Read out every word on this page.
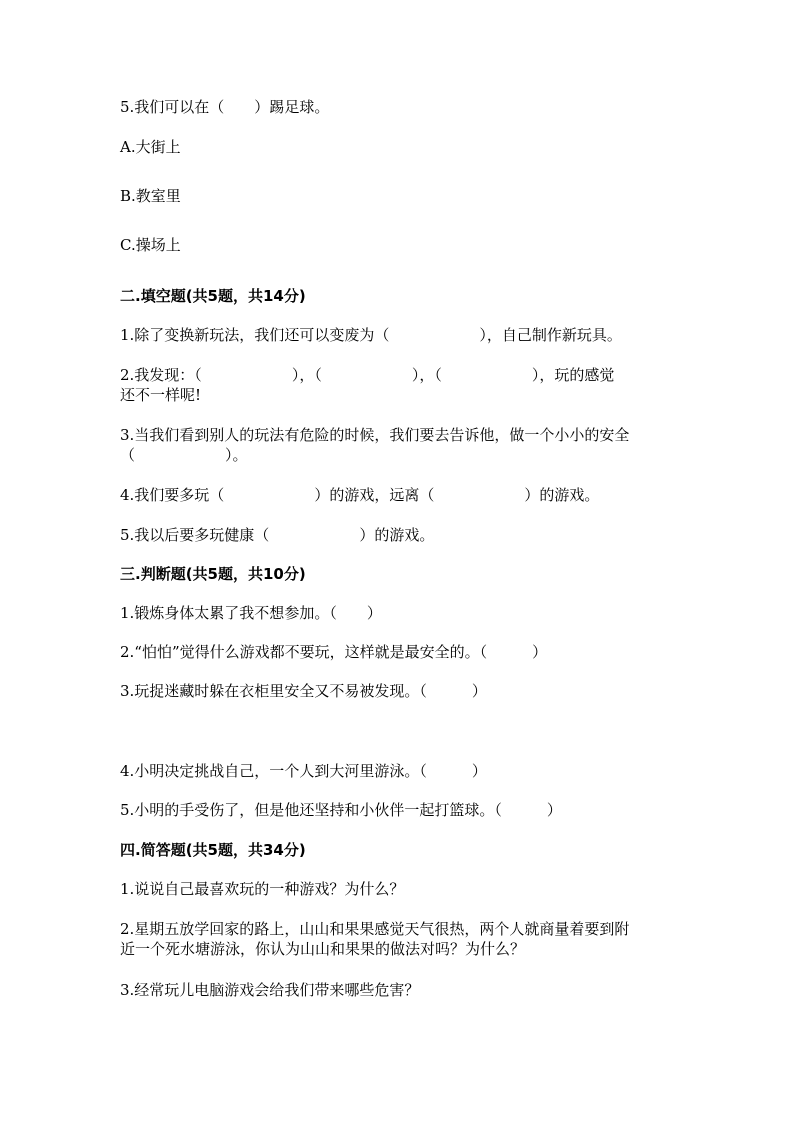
5.我们可以在（　　）踢足球。

A.大街上

B.教室里

C.操场上

二.填空题(共5题，共14分)

1.除了变换新玩法，我们还可以变废为（　　　　　　），自己制作新玩具。

2.我发现：（　　　　　　），（　　　　　　），（　　　　　　），玩的感觉

还不一样呢!

3.当我们看到别人的玩法有危险的时候，我们要去告诉他，做一个小小的安全

（　　　　　　）。

4.我们要多玩（　　　　　　）的游戏，远离（　　　　　　）的游戏。

5.我以后要多玩健康（　　　　　　）的游戏。

三.判断题(共5题，共10分)

1.锻炼身体太累了我不想参加。（　　）

2.“怕怕”觉得什么游戏都不要玩，这样就是最安全的。（　　　）

3.玩捉迷藏时躲在衣柜里安全又不易被发现。（　　　）

4.小明决定挑战自己，一个人到大河里游泳。（　　　）

5.小明的手受伤了，但是他还坚持和小伙伴一起打篮球。（　　　）

四.简答题(共5题，共34分)

1.说说自己最喜欢玩的一种游戏？为什么？

2.星期五放学回家的路上，山山和果果感觉天气很热，两个人就商量着要到附

近一个死水塘游泳，你认为山山和果果的做法对吗？为什么？

3.经常玩儿电脑游戏会给我们带来哪些危害？
